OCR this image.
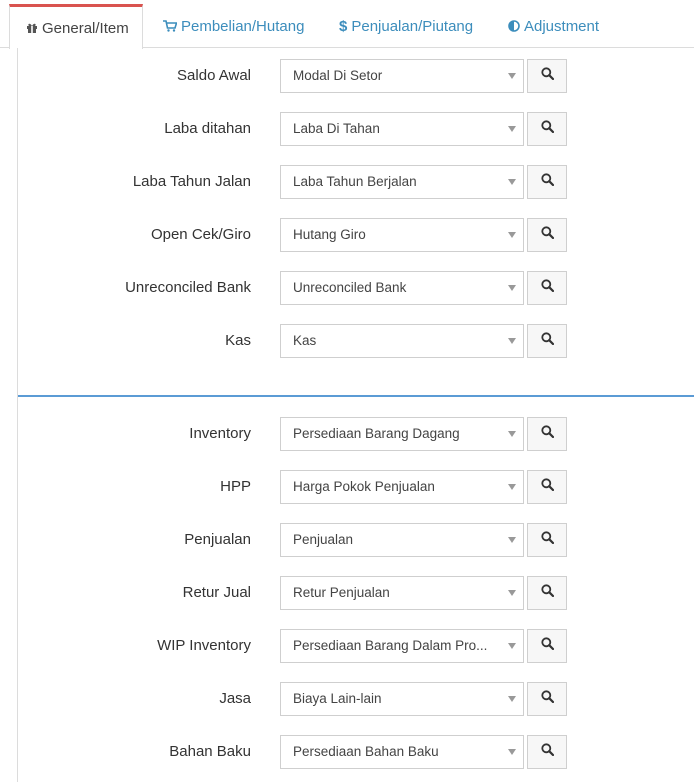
General/Item	Pembelian/Hutang $ Penjualan/Piutang	Adjustment
Saldo Awal	Modal Di Setor
Laba ditahan	Laba Di Tahan
Laba Tahun Jalan	Laba Tahun Berjalan
Open Cek/Giro	Hutang Giro
Unreconciled Bank	Unreconciled Bank
Kas	Kas
Inventory	Persediaan Barang Dagang
HPP	Harga Pokok Penjualan
Penjualan	Penjualan
Retur Jual	Retur Penjualan
WIP Inventory	Persediaan Barang Dalam Pro...
Jasa	Biaya Lain-lain
Bahan Baku	Persediaan Bahan Baku
